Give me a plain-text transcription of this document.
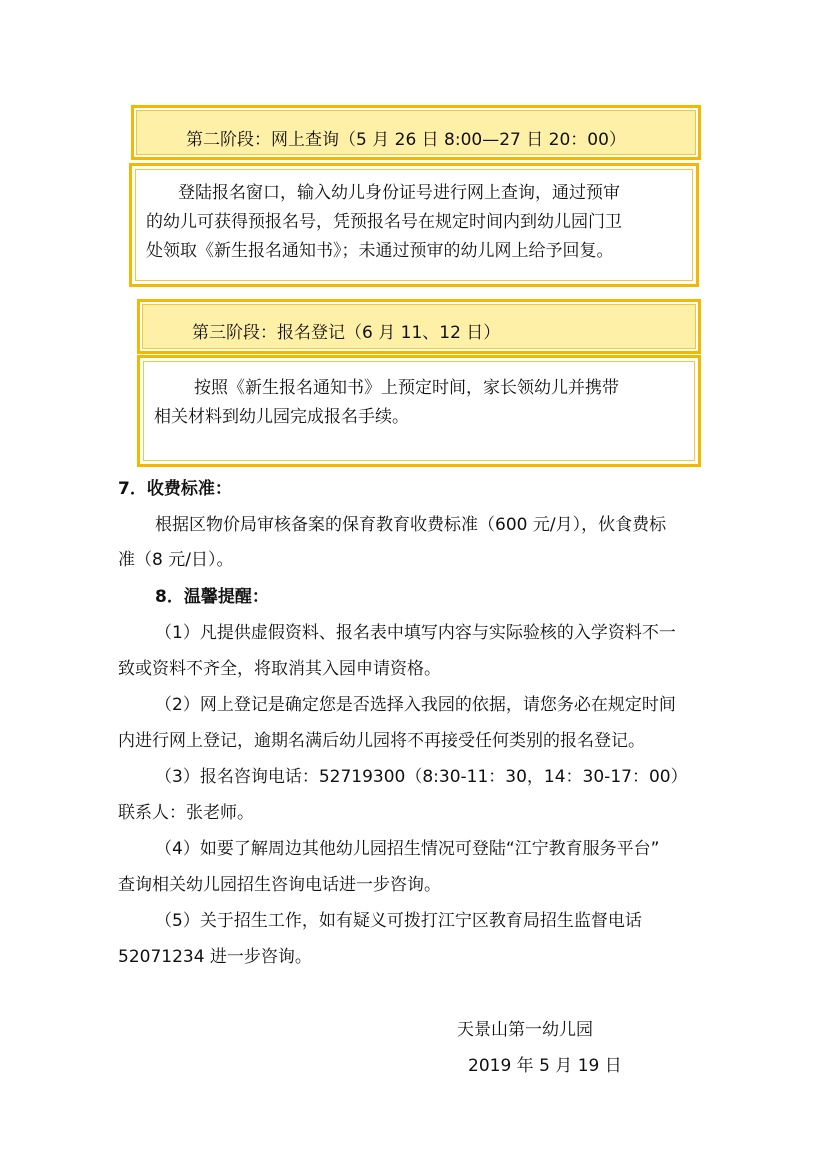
第二阶段：网上查询（5 月 26 日 8:00—27 日 20：00）

登陆报名窗口，输入幼儿身份证号进行网上查询，通过预审

的幼儿可获得预报名号，凭预报名号在规定时间内到幼儿园门卫

处领取《新生报名通知书》；未通过预审的幼儿网上给予回复。

第三阶段：报名登记（6 月 11、12 日）

按照《新生报名通知书》上预定时间，家长领幼儿并携带

相关材料到幼儿园完成报名手续。

7．收费标准：

根据区物价局审核备案的保育教育收费标准（600 元/月），伙食费标

准（8 元/日）。

8．温馨提醒：

（1）凡提供虚假资料、报名表中填写内容与实际验核的入学资料不一

致或资料不齐全，将取消其入园申请资格。

（2）网上登记是确定您是否选择入我园的依据，请您务必在规定时间

内进行网上登记，逾期名满后幼儿园将不再接受任何类别的报名登记。

（3）报名咨询电话：52719300（8:30-11：30，14：30-17：00）

联系人：张老师。

（4）如要了解周边其他幼儿园招生情况可登陆“江宁教育服务平台”

查询相关幼儿园招生咨询电话进一步咨询。

（5）关于招生工作，如有疑义可拨打江宁区教育局招生监督电话

52071234 进一步咨询。

天景山第一幼儿园

2019 年 5 月 19 日
